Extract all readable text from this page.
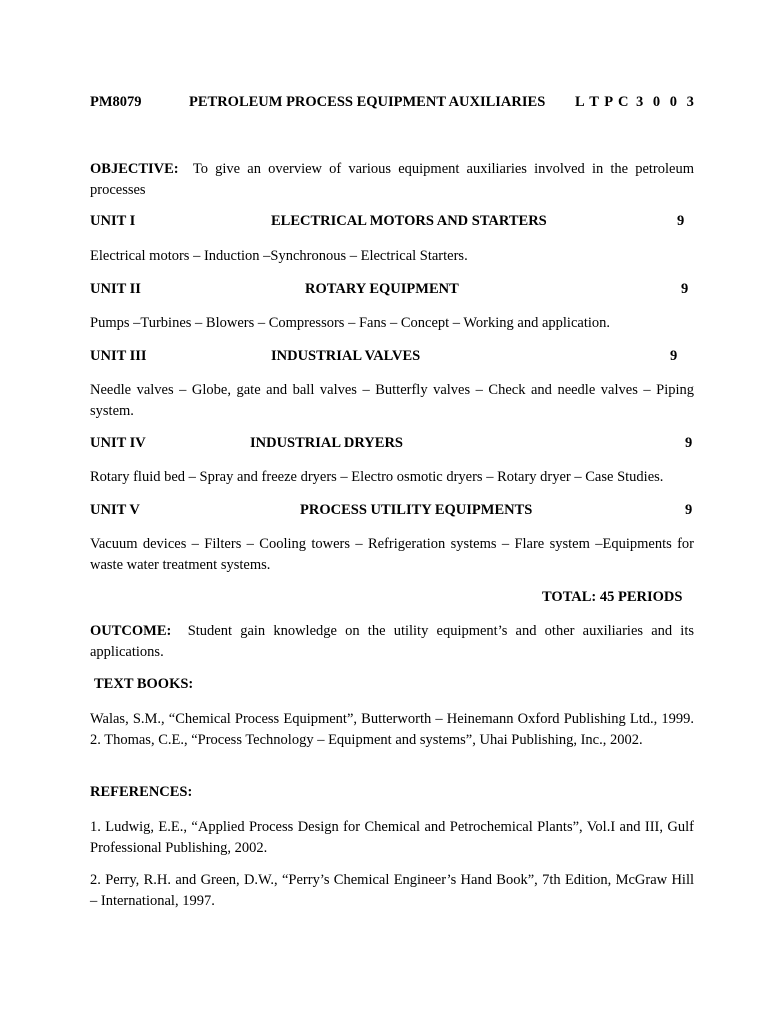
PM8079	PETROLEUM PROCESS EQUIPMENT AUXILIARIES L T P C 3 0 0 3
OBJECTIVE: To give an overview of various equipment auxiliaries involved in the petroleum processes
UNIT I	ELECTRICAL MOTORS AND STARTERS	9
Electrical motors – Induction –Synchronous – Electrical Starters.
UNIT II	ROTARY EQUIPMENT	9
Pumps –Turbines – Blowers – Compressors – Fans – Concept – Working and application.
UNIT III	INDUSTRIAL VALVES	9
Needle valves – Globe, gate and ball valves – Butterfly valves – Check and needle valves – Piping system.
UNIT IV	INDUSTRIAL DRYERS	9
Rotary fluid bed – Spray and freeze dryers – Electro osmotic dryers – Rotary dryer – Case Studies.
UNIT V	PROCESS UTILITY EQUIPMENTS	9
Vacuum devices – Filters – Cooling towers – Refrigeration systems – Flare system –Equipments for waste water treatment systems.
TOTAL: 45 PERIODS
OUTCOME: Student gain knowledge on the utility equipment’s and other auxiliaries and its applications.
TEXT BOOKS:
Walas, S.M., “Chemical Process Equipment”, Butterworth – Heinemann Oxford Publishing Ltd., 1999. 2. Thomas, C.E., “Process Technology – Equipment and systems”, Uhai Publishing, Inc., 2002.
REFERENCES:
1. Ludwig, E.E., “Applied Process Design for Chemical and Petrochemical Plants”, Vol.I and III, Gulf Professional Publishing, 2002.
2. Perry, R.H. and Green, D.W., “Perry’s Chemical Engineer’s Hand Book”, 7th Edition, McGraw Hill – International, 1997.
